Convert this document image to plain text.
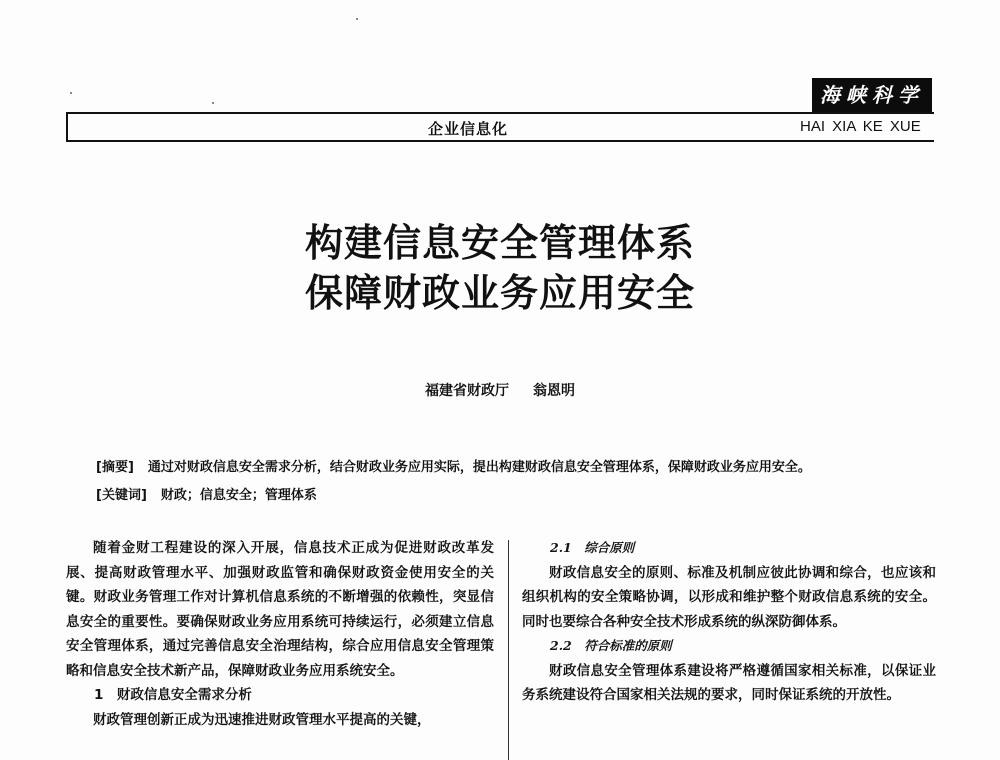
海峡科学
企业信息化	HAI XIA KE XUE
构建信息安全管理体系
保障财政业务应用安全
福建省财政厅 翁恩明
[摘要] 通过对财政信息安全需求分析，结合财政业务应用实际，提出构建财政信息安全管理体系，保障财政业务应用安全。
[关键词] 财政；信息安全；管理体系

随着金财工程建设的深入开展，信息技术正成为促进财政改革发展、提高财政管理水平、加强财政监管和确保财政资金使用安全的关键。财政业务管理工作对计算机信息系统的不断增强的依赖性，突显信息安全的重要性。要确保财政业务应用系统可持续运行，必须建立信息安全管理体系，通过完善信息安全治理结构，综合应用信息安全管理策略和信息安全技术新产品，保障财政业务应用系统安全。

1　财政信息安全需求分析

财政管理创新正成为迅速推进财政管理水平提高的关键，

2.1　综合原则

财政信息安全的原则、标准及机制应彼此协调和综合，也应该和组织机构的安全策略协调，以形成和维护整个财政信息系统的安全。同时也要综合各种安全技术形成系统的纵深防御体系。

2.2　符合标准的原则

财政信息安全管理体系建设将严格遵循国家相关标准，以保证业务系统建设符合国家相关法规的要求，同时保证系统的开放性。
